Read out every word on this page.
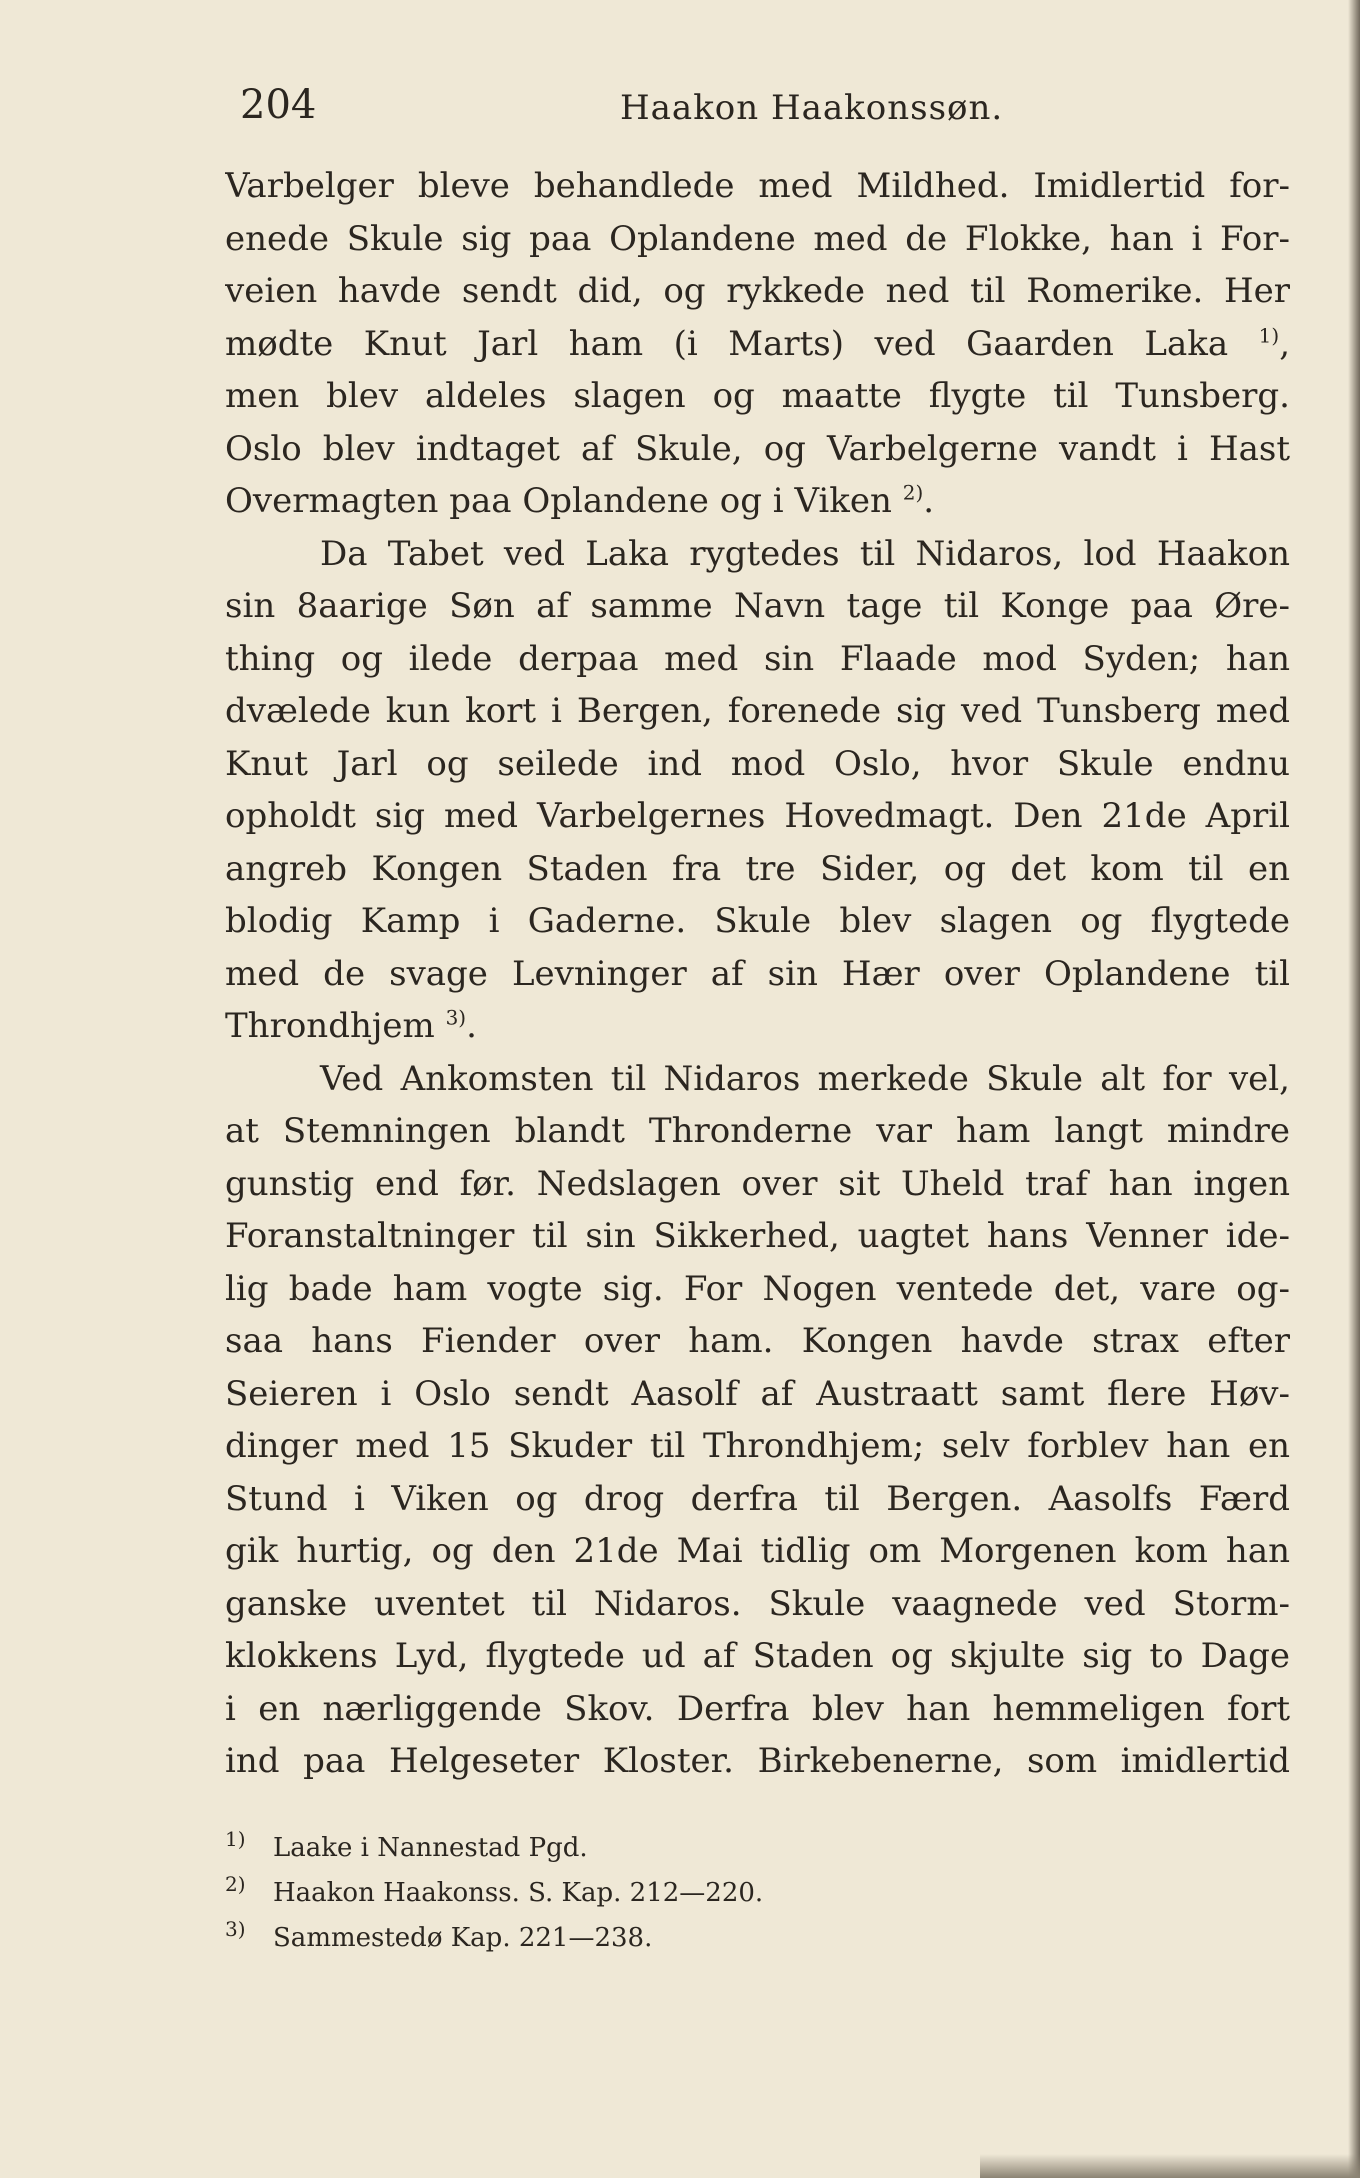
204	Haakon Haakonssøn.
Varbelger bleve behandlede med Mildhed. Imidlertid for-
enede Skule sig paa Oplandene med de Flokke, han i For-
veien havde sendt did, og rykkede ned til Romerike. Her
mødte Knut Jarl ham (i Marts) ved Gaarden Laka $^{1)}$,
men blev aldeles slagen og maatte flygte til Tunsberg.
Oslo blev indtaget af Skule, og Varbelgerne vandt i Hast
Overmagten paa Oplandene og i Viken $^{2)}$.
Da Tabet ved Laka rygtedes til Nidaros, lod Haakon
sin 8aarige Søn af samme Navn tage til Konge paa Øre-
thing og ilede derpaa med sin Flaade mod Syden; han
dvælede kun kort i Bergen, forenede sig ved Tunsberg med
Knut Jarl og seilede ind mod Oslo, hvor Skule endnu
opholdt sig med Varbelgernes Hovedmagt. Den 21de April
angreb Kongen Staden fra tre Sider, og det kom til en
blodig Kamp i Gaderne. Skule blev slagen og flygtede
med de svage Levninger af sin Hær over Oplandene til
Throndhjem $^{3)}$.
Ved Ankomsten til Nidaros merkede Skule alt for vel,
at Stemningen blandt Thronderne var ham langt mindre
gunstig end før. Nedslagen over sit Uheld traf han ingen
Foranstaltninger til sin Sikkerhed, uagtet hans Venner ide-
lig bade ham vogte sig. For Nogen ventede det, vare og-
saa hans Fiender over ham. Kongen havde strax efter
Seieren i Oslo sendt Aasolf af Austraatt samt flere Høv-
dinger med 15 Skuder til Throndhjem; selv forblev han en
Stund i Viken og drog derfra til Bergen. Aasolfs Færd
gik hurtig, og den 21de Mai tidlig om Morgenen kom han
ganske uventet til Nidaros. Skule vaagnede ved Storm-
klokkens Lyd, flygtede ud af Staden og skjulte sig to Dage
i en nærliggende Skov. Derfra blev han hemmeligen fort
ind paa Helgeseter Kloster. Birkebenerne, som imidlertid
1) Laake i Nannestad Pgd.
2) Haakon Haakonss. S. Kap. 212—220.
3) Sammestedø Kap. 221—238.
